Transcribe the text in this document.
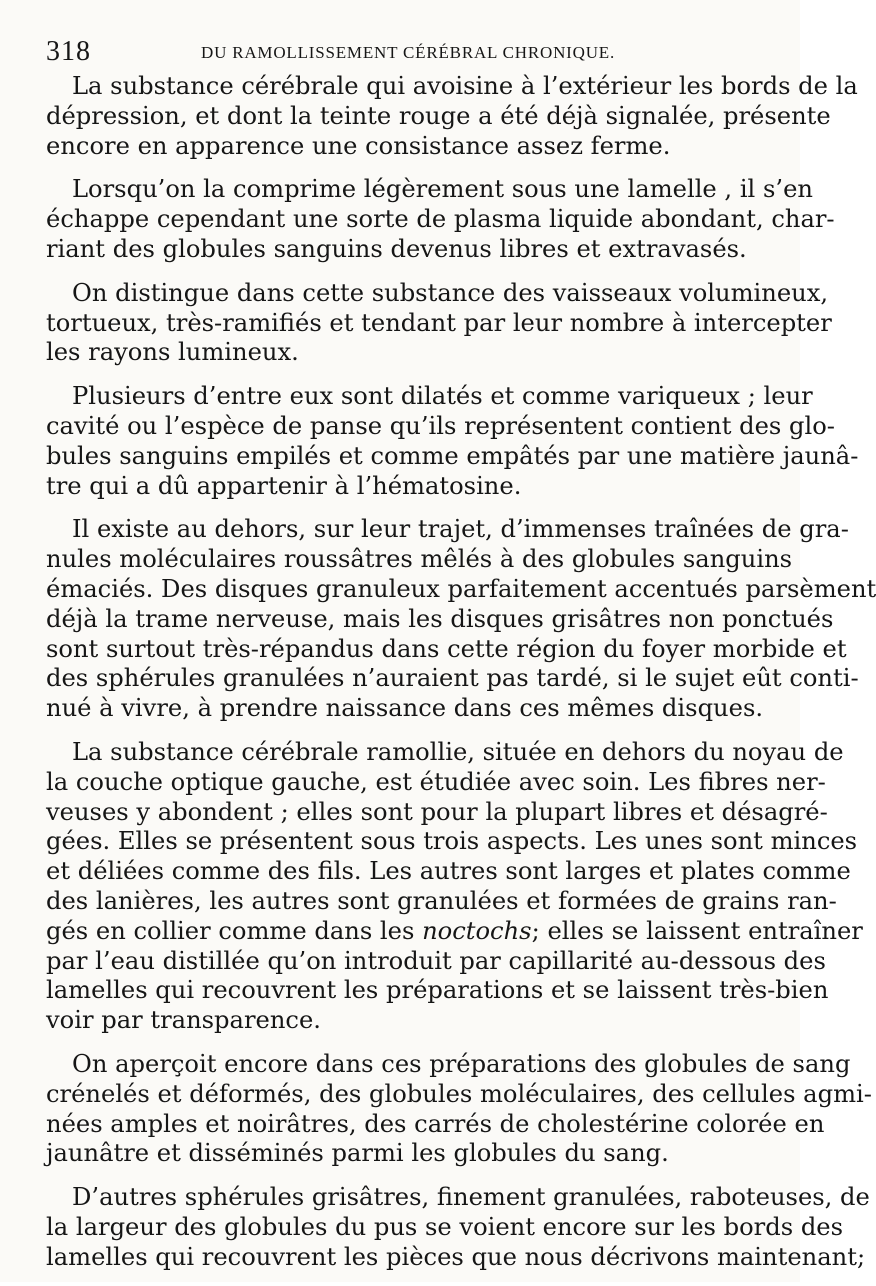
318	DU RAMOLLISSEMENT CÉRÉBRAL CHRONIQUE.
La substance cérébrale qui avoisine à l’extérieur les bords de la
dépression, et dont la teinte rouge a été déjà signalée, présente
encore en apparence une consistance assez ferme.
Lorsqu’on la comprime légèrement sous une lamelle , il s’en
échappe cependant une sorte de plasma liquide abondant, char-
riant des globules sanguins devenus libres et extravasés.
On distingue dans cette substance des vaisseaux volumineux,
tortueux, très-ramifiés et tendant par leur nombre à intercepter
les rayons lumineux.
Plusieurs d’entre eux sont dilatés et comme variqueux ; leur
cavité ou l’espèce de panse qu’ils représentent contient des glo-
bules sanguins empilés et comme empâtés par une matière jaunâ-
tre qui a dû appartenir à l’hématosine.
Il existe au dehors, sur leur trajet, d’immenses traînées de gra-
nules moléculaires roussâtres mêlés à des globules sanguins
émaciés. Des disques granuleux parfaitement accentués parsèment
déjà la trame nerveuse, mais les disques grisâtres non ponctués
sont surtout très-répandus dans cette région du foyer morbide et
des sphérules granulées n’auraient pas tardé, si le sujet eût conti-
nué à vivre, à prendre naissance dans ces mêmes disques.
La substance cérébrale ramollie, située en dehors du noyau de
la couche optique gauche, est étudiée avec soin. Les fibres ner-
veuses y abondent ; elles sont pour la plupart libres et désagré-
gées. Elles se présentent sous trois aspects. Les unes sont minces
et déliées comme des fils. Les autres sont larges et plates comme
des lanières, les autres sont granulées et formées de grains ran-
gés en collier comme dans les noctochs; elles se laissent entraîner
par l’eau distillée qu’on introduit par capillarité au-dessous des
lamelles qui recouvrent les préparations et se laissent très-bien
voir par transparence.
On aperçoit encore dans ces préparations des globules de sang
crénelés et déformés, des globules moléculaires, des cellules agmi-
nées amples et noirâtres, des carrés de cholestérine colorée en
jaunâtre et disséminés parmi les globules du sang.
D’autres sphérules grisâtres, finement granulées, raboteuses, de
la largeur des globules du pus se voient encore sur les bords des
lamelles qui recouvrent les pièces que nous décrivons maintenant;
